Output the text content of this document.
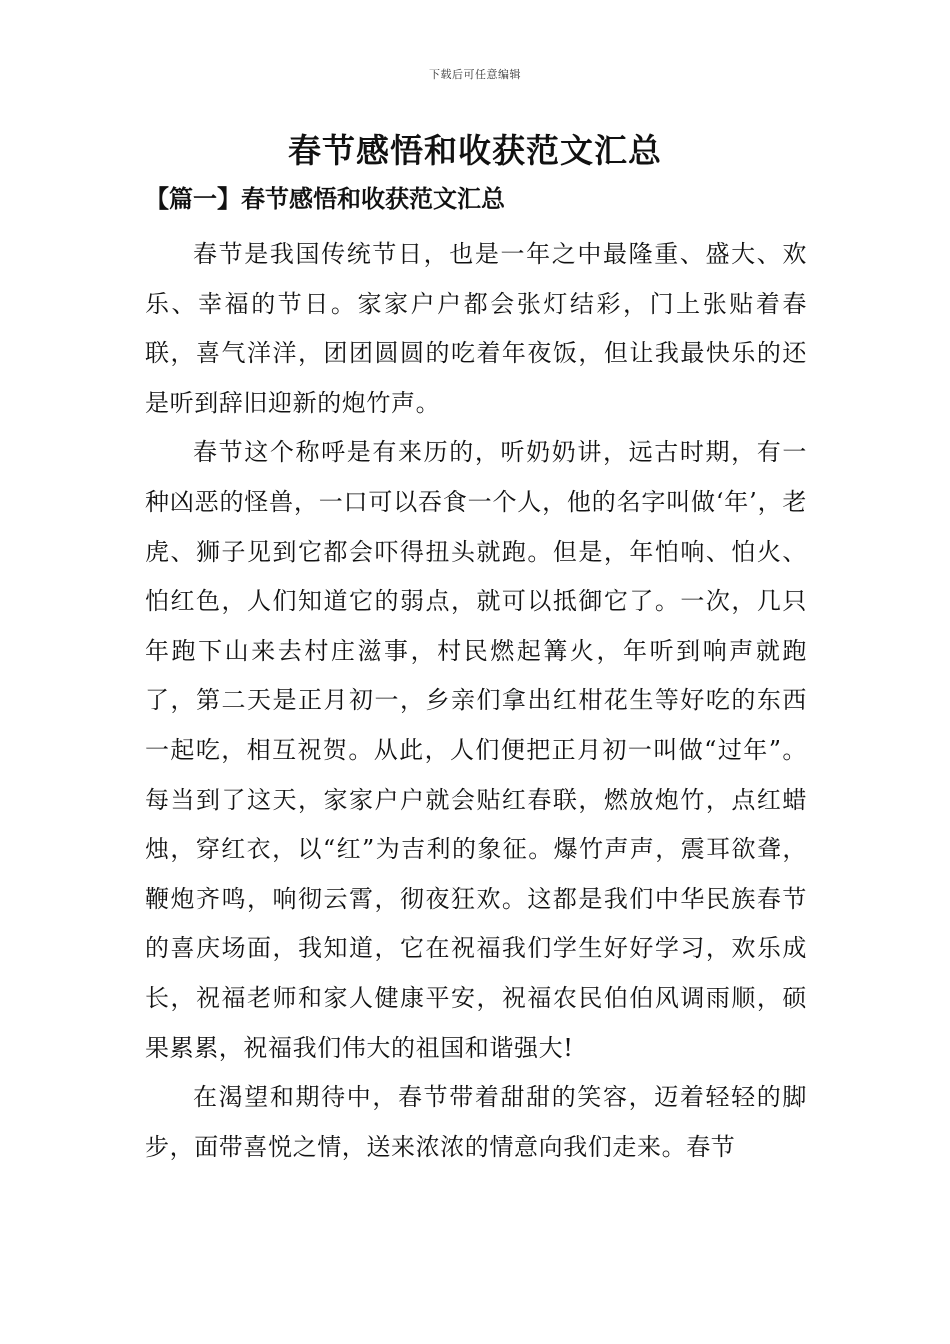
下载后可任意编辑
春节感悟和收获范文汇总
【篇一】春节感悟和收获范文汇总

春节是我国传统节日，也是一年之中最隆重、盛大、欢乐、幸福的节日。家家户户都会张灯结彩，门上张贴着春联，喜气洋洋，团团圆圆的吃着年夜饭，但让我最快乐的还是听到辞旧迎新的炮竹声。

春节这个称呼是有来历的，听奶奶讲，远古时期，有一种凶恶的怪兽，一口可以吞食一个人，他的名字叫做‘年’，老虎、狮子见到它都会吓得扭头就跑。但是，年怕响、怕火、怕红色，人们知道它的弱点，就可以抵御它了。一次，几只年跑下山来去村庄滋事，村民燃起篝火，年听到响声就跑了，第二天是正月初一，乡亲们拿出红柑花生等好吃的东西一起吃，相互祝贺。从此，人们便把正月初一叫做“过年”。每当到了这天，家家户户就会贴红春联，燃放炮竹，点红蜡烛，穿红衣，以“红”为吉利的象征。爆竹声声，震耳欲聋，鞭炮齐鸣，响彻云霄，彻夜狂欢。这都是我们中华民族春节的喜庆场面，我知道，它在祝福我们学生好好学习，欢乐成长，祝福老师和家人健康平安，祝福农民伯伯风调雨顺，硕果累累，祝福我们伟大的祖国和谐强大!

在渴望和期待中，春节带着甜甜的笑容，迈着轻轻的脚步，面带喜悦之情，送来浓浓的情意向我们走来。春节
